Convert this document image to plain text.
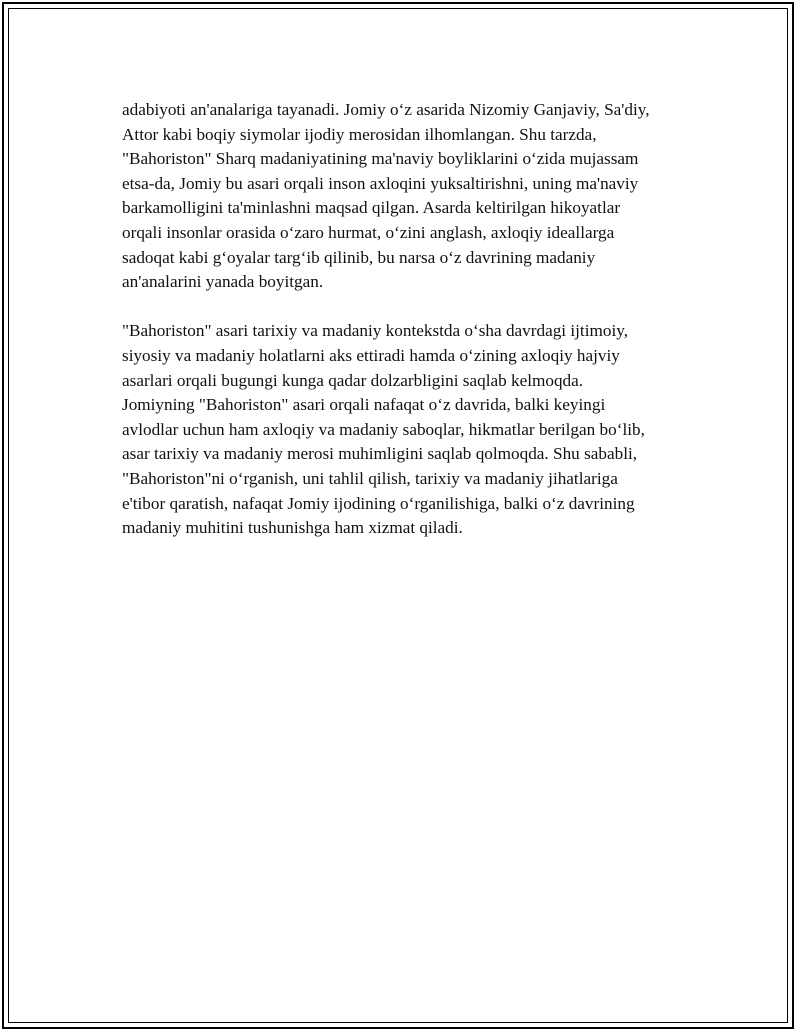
adabiyoti an'analariga tayanadi. Jomiy o‘z asarida Nizomiy Ganjaviy, Sa'diy,
Attor kabi boqiy siymolar ijodiy merosidan ilhomlangan. Shu tarzda,
"Bahoriston" Sharq madaniyatining ma'naviy boyliklarini o‘zida mujassam
etsa-da, Jomiy bu asari orqali inson axloqini yuksaltirishni, uning ma'naviy
barkamolligini ta'minlashni maqsad qilgan. Asarda keltirilgan hikoyatlar
orqali insonlar orasida o‘zaro hurmat, o‘zini anglash, axloqiy ideallarga
sadoqat kabi g‘oyalar targ‘ib qilinib, bu narsa o‘z davrining madaniy
an'analarini yanada boyitgan.

"Bahoriston" asari tarixiy va madaniy kontekstda o‘sha davrdagi ijtimoiy,
siyosiy va madaniy holatlarni aks ettiradi hamda o‘zining axloqiy hajviy
asarlari orqali bugungi kunga qadar dolzarbligini saqlab kelmoqda.
Jomiyning "Bahoriston" asari orqali nafaqat o‘z davrida, balki keyingi
avlodlar uchun ham axloqiy va madaniy saboqlar, hikmatlar berilgan bo‘lib,
asar tarixiy va madaniy merosi muhimligini saqlab qolmoqda. Shu sababli,
"Bahoriston"ni o‘rganish, uni tahlil qilish, tarixiy va madaniy jihatlariga
e'tibor qaratish, nafaqat Jomiy ijodining o‘rganilishiga, balki o‘z davrining
madaniy muhitini tushunishga ham xizmat qiladi.
